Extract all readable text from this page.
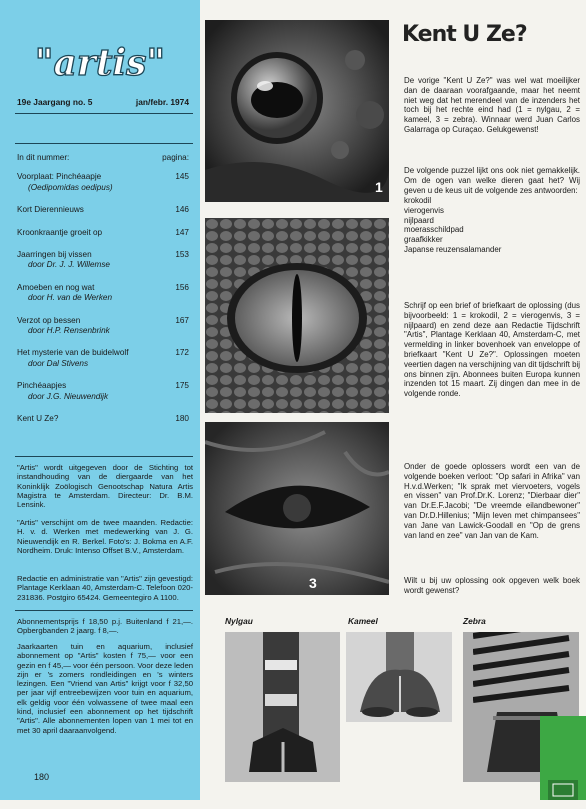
"artis"
19e Jaargang no. 5	jan/febr. 1974
In dit nummer:	pagina:
Voorplaat: Pinchéaapje	145
(Oedipomidas oedipus)
Kort Dierennieuws	146
Kroonkraantje groeit op	147
Jaarringen bij vissen	153
door Dr. J. J. Willemse
Amoeben en nog wat	156
door H. van de Werken
Verzot op bessen	167
door H.P. Rensenbrink
Het mysterie van de buidelwolf	172
door Dal Stivens
Pinchéaapjes	175
door J.G. Nieuwendijk
Kent U Ze?	180
"Artis" wordt uitgegeven door de Stichting tot instandhouding van de diergaarde van het Koninklijk Zoölogisch Genootschap Natura Artis Magistra te Amsterdam. Directeur: Dr. B.M. Lensink.
"Artis" verschijnt om de twee maanden. Redactie: H. v. d. Werken met medewerking van J. G. Nieuwendijk en R. Berkel. Foto's: J. Bokma en A.F. Nordheim. Druk: Intenso Offset B.V., Amsterdam.
Redactie en administratie van "Artis" zijn gevestigd: Plantage Kerklaan 40, Amsterdam-C. Telefoon 020-231836. Postgiro 65424. Gemeentegiro A 1100.
Abonnementsprijs f 18,50 p.j. Buitenland f 21,—. Opbergbanden 2 jaarg. f 8,—.
Jaarkaarten tuin en aquarium, inclusief abonnement op "Artis" kosten f 75,— voor een gezin en f 45,— voor één persoon. Voor deze leden zijn er 's zomers rondleidingen en 's winters lezingen. Een "Vriend van Artis" krijgt voor f 32,50 per jaar vijf entreebewijzen voor tuin en aquarium, elk geldig voor één volwassene of twee maal een kind, inclusief een abonnement op het tijdschrift "Artis". Alle abonnementen lopen van 1 mei tot en met 30 april daaraanvolgend.
180
1
3
Kent U Ze?
De vorige "Kent U Ze?" was wel wat moeilijker dan de daaraan voorafgaande, maar het neemt niet weg dat het merendeel van de inzenders het toch bij het rechte eind had (1 = nylgau, 2 = kameel, 3 = zebra). Winnaar werd Juan Carlos Galarraga op Curaçao. Gelukgewenst!
De volgende puzzel lijkt ons ook niet gemakkelijk. Om de ogen van welke dieren gaat het? Wij geven u de keus uit de volgende zes antwoorden:
krokodil
vierogenvis
nijlpaard
moerasschildpad
graafkikker
Japanse reuzensalamander
Schrijf op een brief of briefkaart de oplossing (dus bijvoorbeeld: 1 = krokodil, 2 = vierogenvis, 3 = nijlpaard) en zend deze aan Redactie Tijdschrift "Artis", Plantage Kerklaan 40, Amsterdam-C, met vermelding in linker bovenhoek van enveloppe of briefkaart "Kent U Ze?". Oplossingen moeten veertien dagen na verschijning van dit tijdschrift bij ons binnen zijn. Abonnees buiten Europa kunnen inzenden tot 15 maart. Zij dingen dan mee in de volgende ronde.
Onder de goede oplossers wordt een van de volgende boeken verloot: "Op safari in Afrika" van H.v.d.Werken; "Ik sprak met viervoeters, vogels en vissen" van Prof.Dr.K. Lorenz; "Dierbaar dier" van Dr.E.F.Jacobi; "De vreemde eilandbewoner" van Dr.D.Hillenius; "Mijn leven met chimpansees" van Jane van Lawick-Goodall en "Op de grens van land en zee" van Jan van de Kam.
Wilt u bij uw oplossing ook opgeven welk boek wordt gewenst?
Nylgau	Kameel	Zebra
